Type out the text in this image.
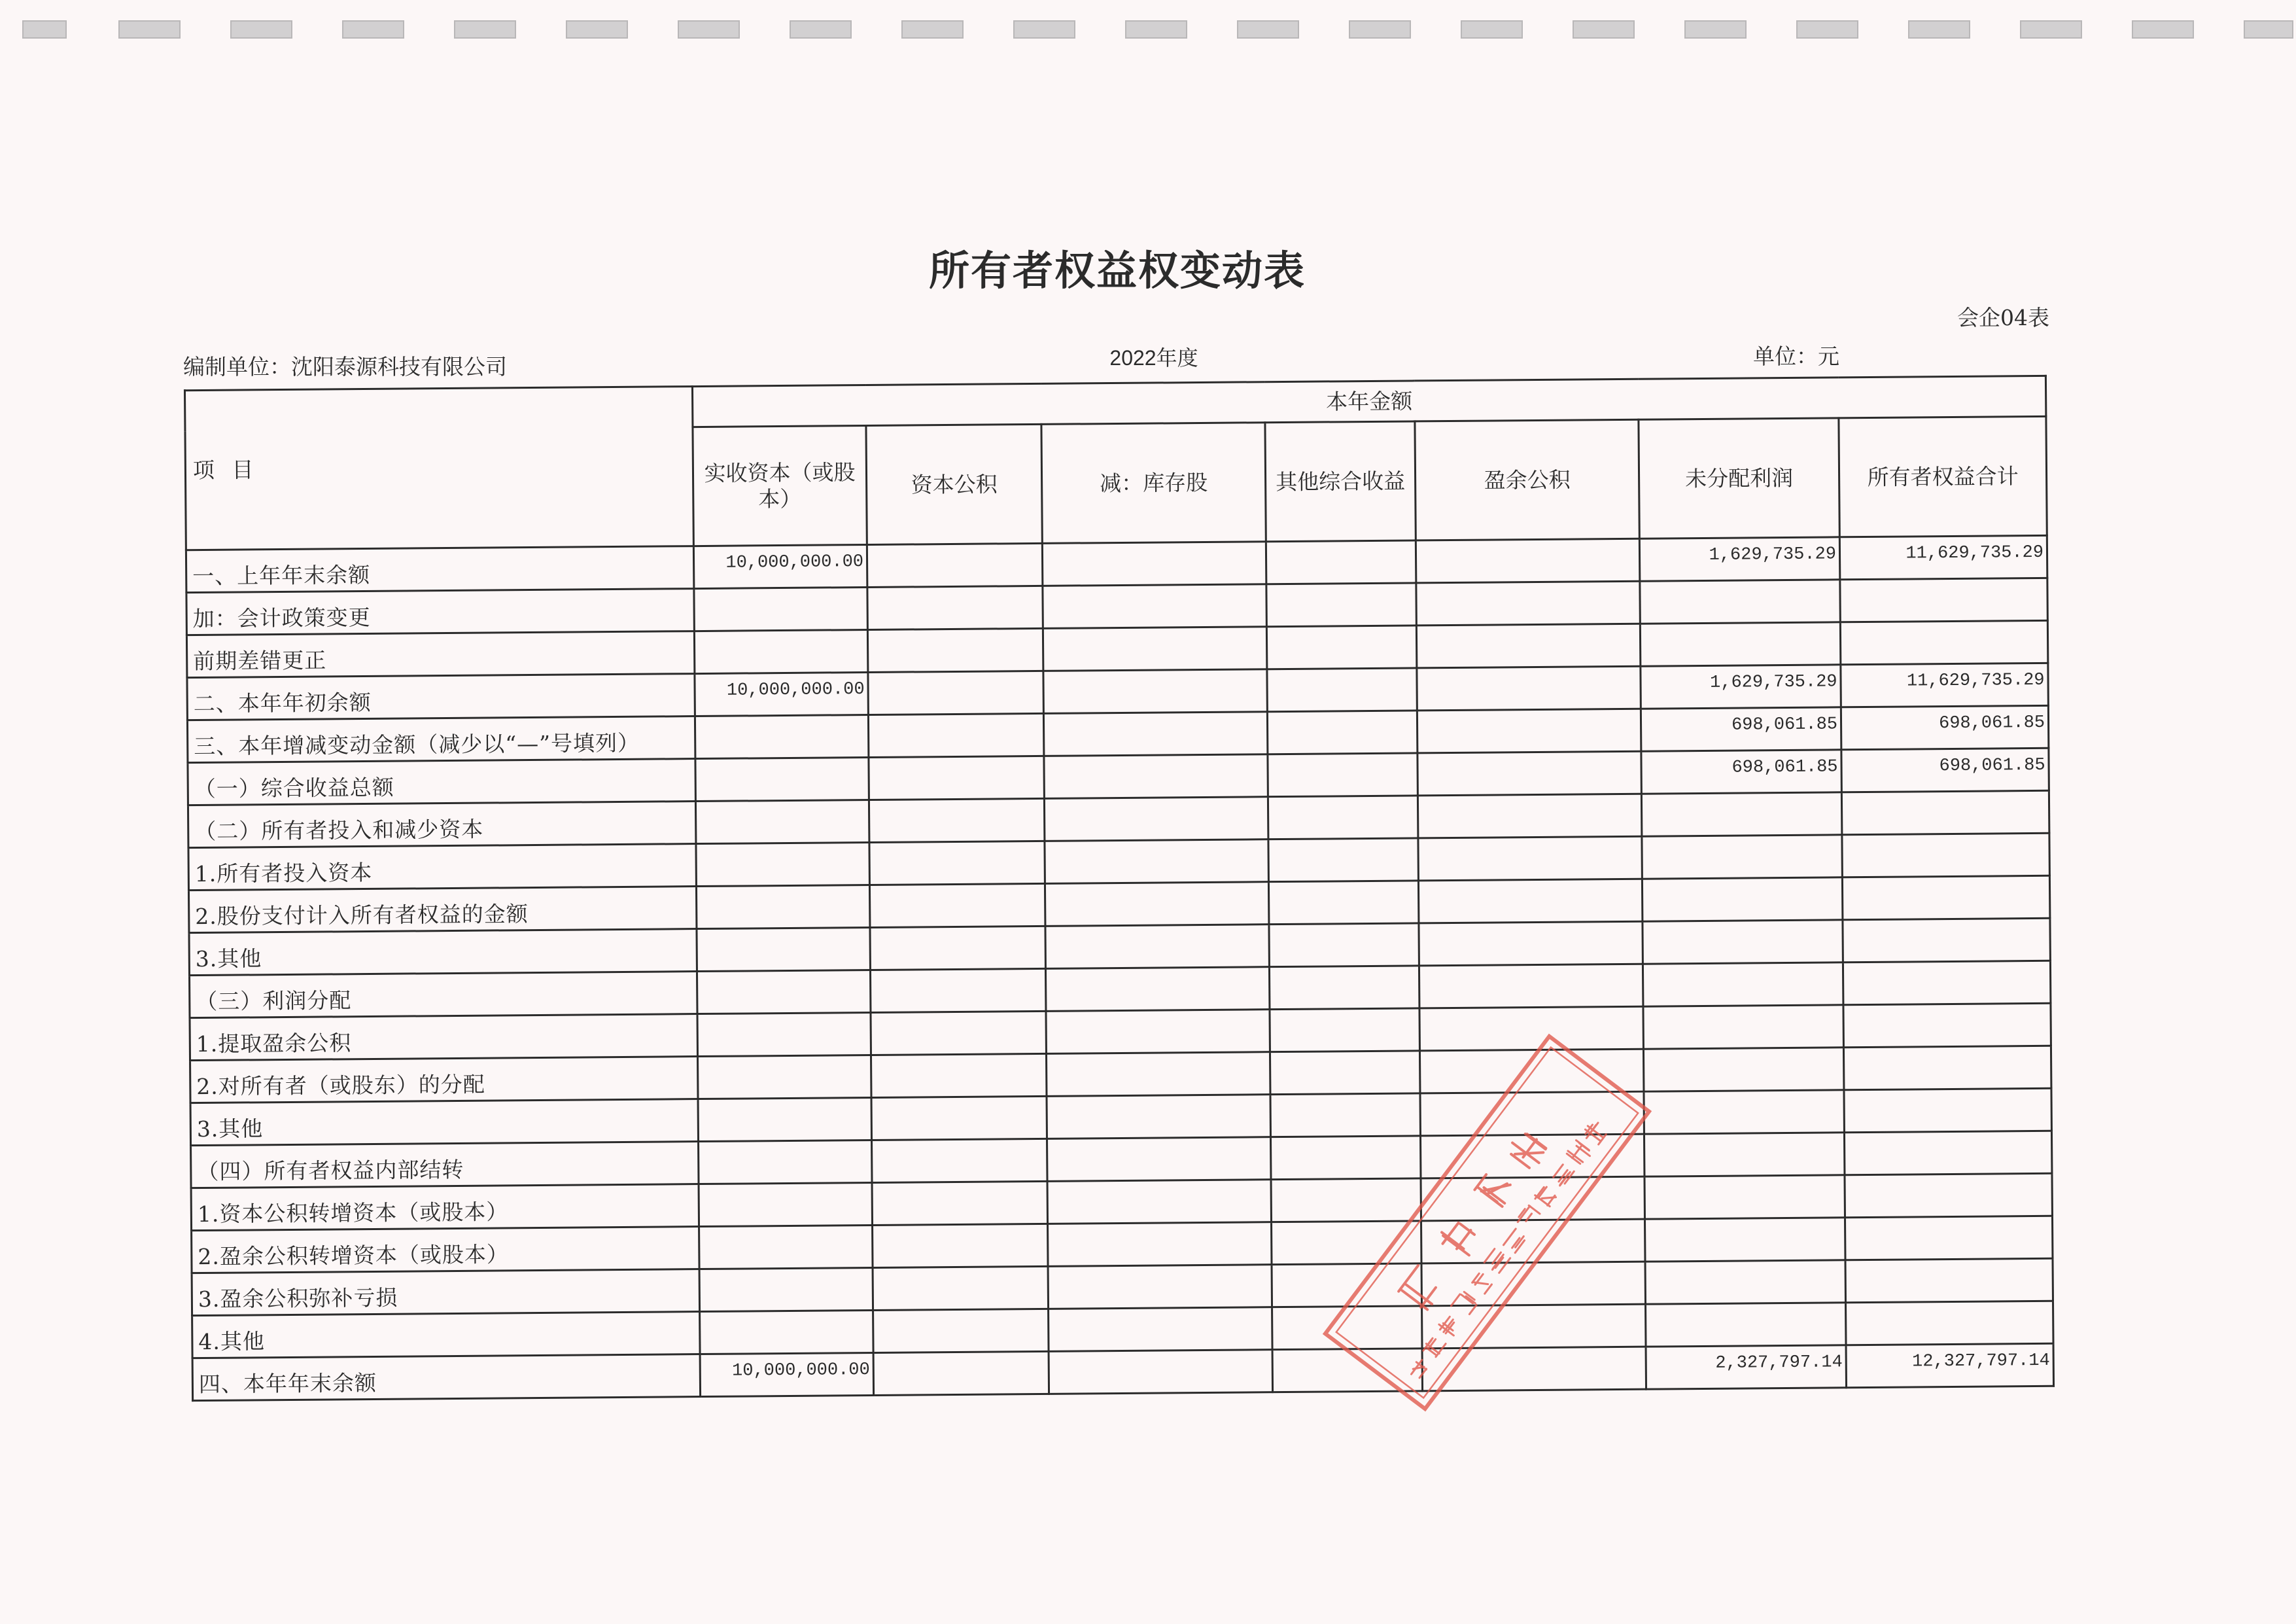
所有者权益权变动表
会企04表
编制单位：沈阳泰源科技有限公司	2022年度	单位：元
项 目	本年金额						
	实收资本（或股本）	资本公积	减：库存股	其他综合收益	盈余公积	未分配利润	所有者权益合计
一、上年年末余额	10,000,000.00					1,629,735.29	11,629,735.29
加：会计政策变更							
前期差错更正							
二、本年年初余额	10,000,000.00					1,629,735.29	11,629,735.29
三、本年增减变动金额（减少以“—”号填列）						698,061.85	698,061.85
（一）综合收益总额						698,061.85	698,061.85
（二）所有者投入和减少资本							
1.所有者投入资本							
2.股份支付计入所有者权益的金额							
3.其他							
（三）利润分配							
1.提取盈余公积							
2.对所有者（或股东）的分配							
3.其他							
（四）所有者权益内部结转							
1.资本公积转增资本（或股本）							
2.盈余公积转增资本（或股本）							
3.盈余公积弥补亏损							
4.其他							
四、本年年末余额	10,000,000.00					2,327,797.14	12,327,797.14
